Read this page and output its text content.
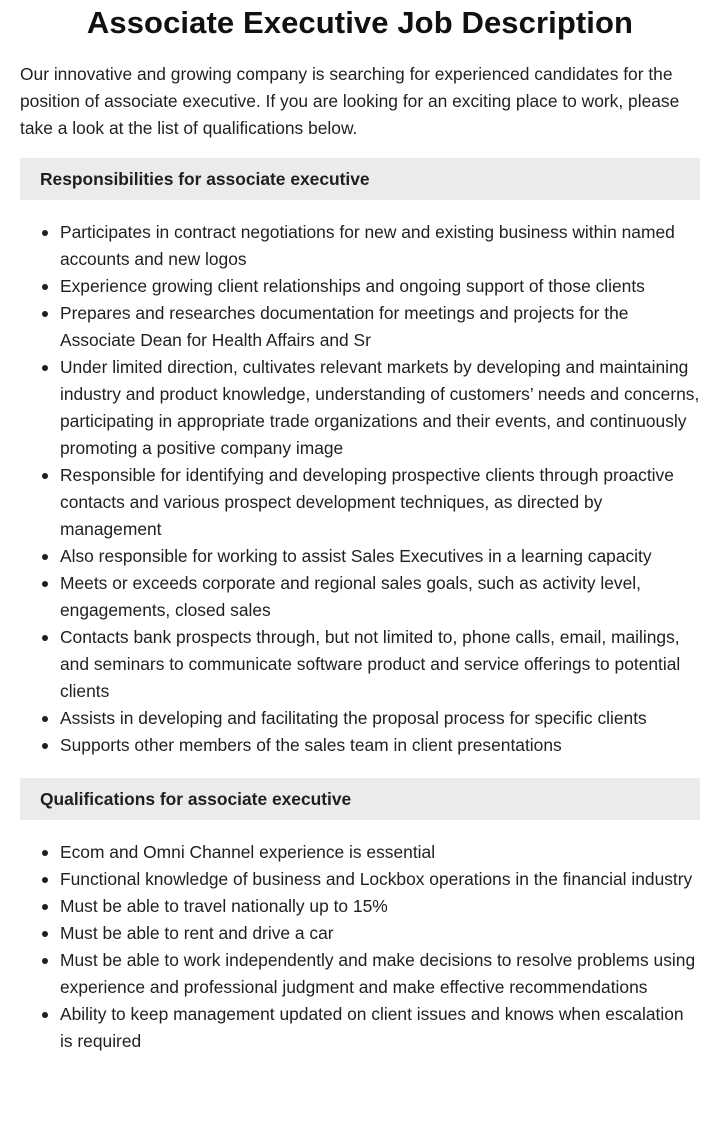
Associate Executive Job Description

Our innovative and growing company is searching for experienced candidates for the position of associate executive. If you are looking for an exciting place to work, please take a look at the list of qualifications below.

Responsibilities for associate executive
Participates in contract negotiations for new and existing business within named accounts and new logos
Experience growing client relationships and ongoing support of those clients
Prepares and researches documentation for meetings and projects for the Associate Dean for Health Affairs and Sr
Under limited direction, cultivates relevant markets by developing and maintaining industry and product knowledge, understanding of customers’ needs and concerns, participating in appropriate trade organizations and their events, and continuously promoting a positive company image
Responsible for identifying and developing prospective clients through proactive contacts and various prospect development techniques, as directed by management
Also responsible for working to assist Sales Executives in a learning capacity
Meets or exceeds corporate and regional sales goals, such as activity level, engagements, closed sales
Contacts bank prospects through, but not limited to, phone calls, email, mailings, and seminars to communicate software product and service offerings to potential clients
Assists in developing and facilitating the proposal process for specific clients
Supports other members of the sales team in client presentations
Qualifications for associate executive
Ecom and Omni Channel experience is essential
Functional knowledge of business and Lockbox operations in the financial industry
Must be able to travel nationally up to 15%
Must be able to rent and drive a car
Must be able to work independently and make decisions to resolve problems using experience and professional judgment and make effective recommendations
Ability to keep management updated on client issues and knows when escalation is required
